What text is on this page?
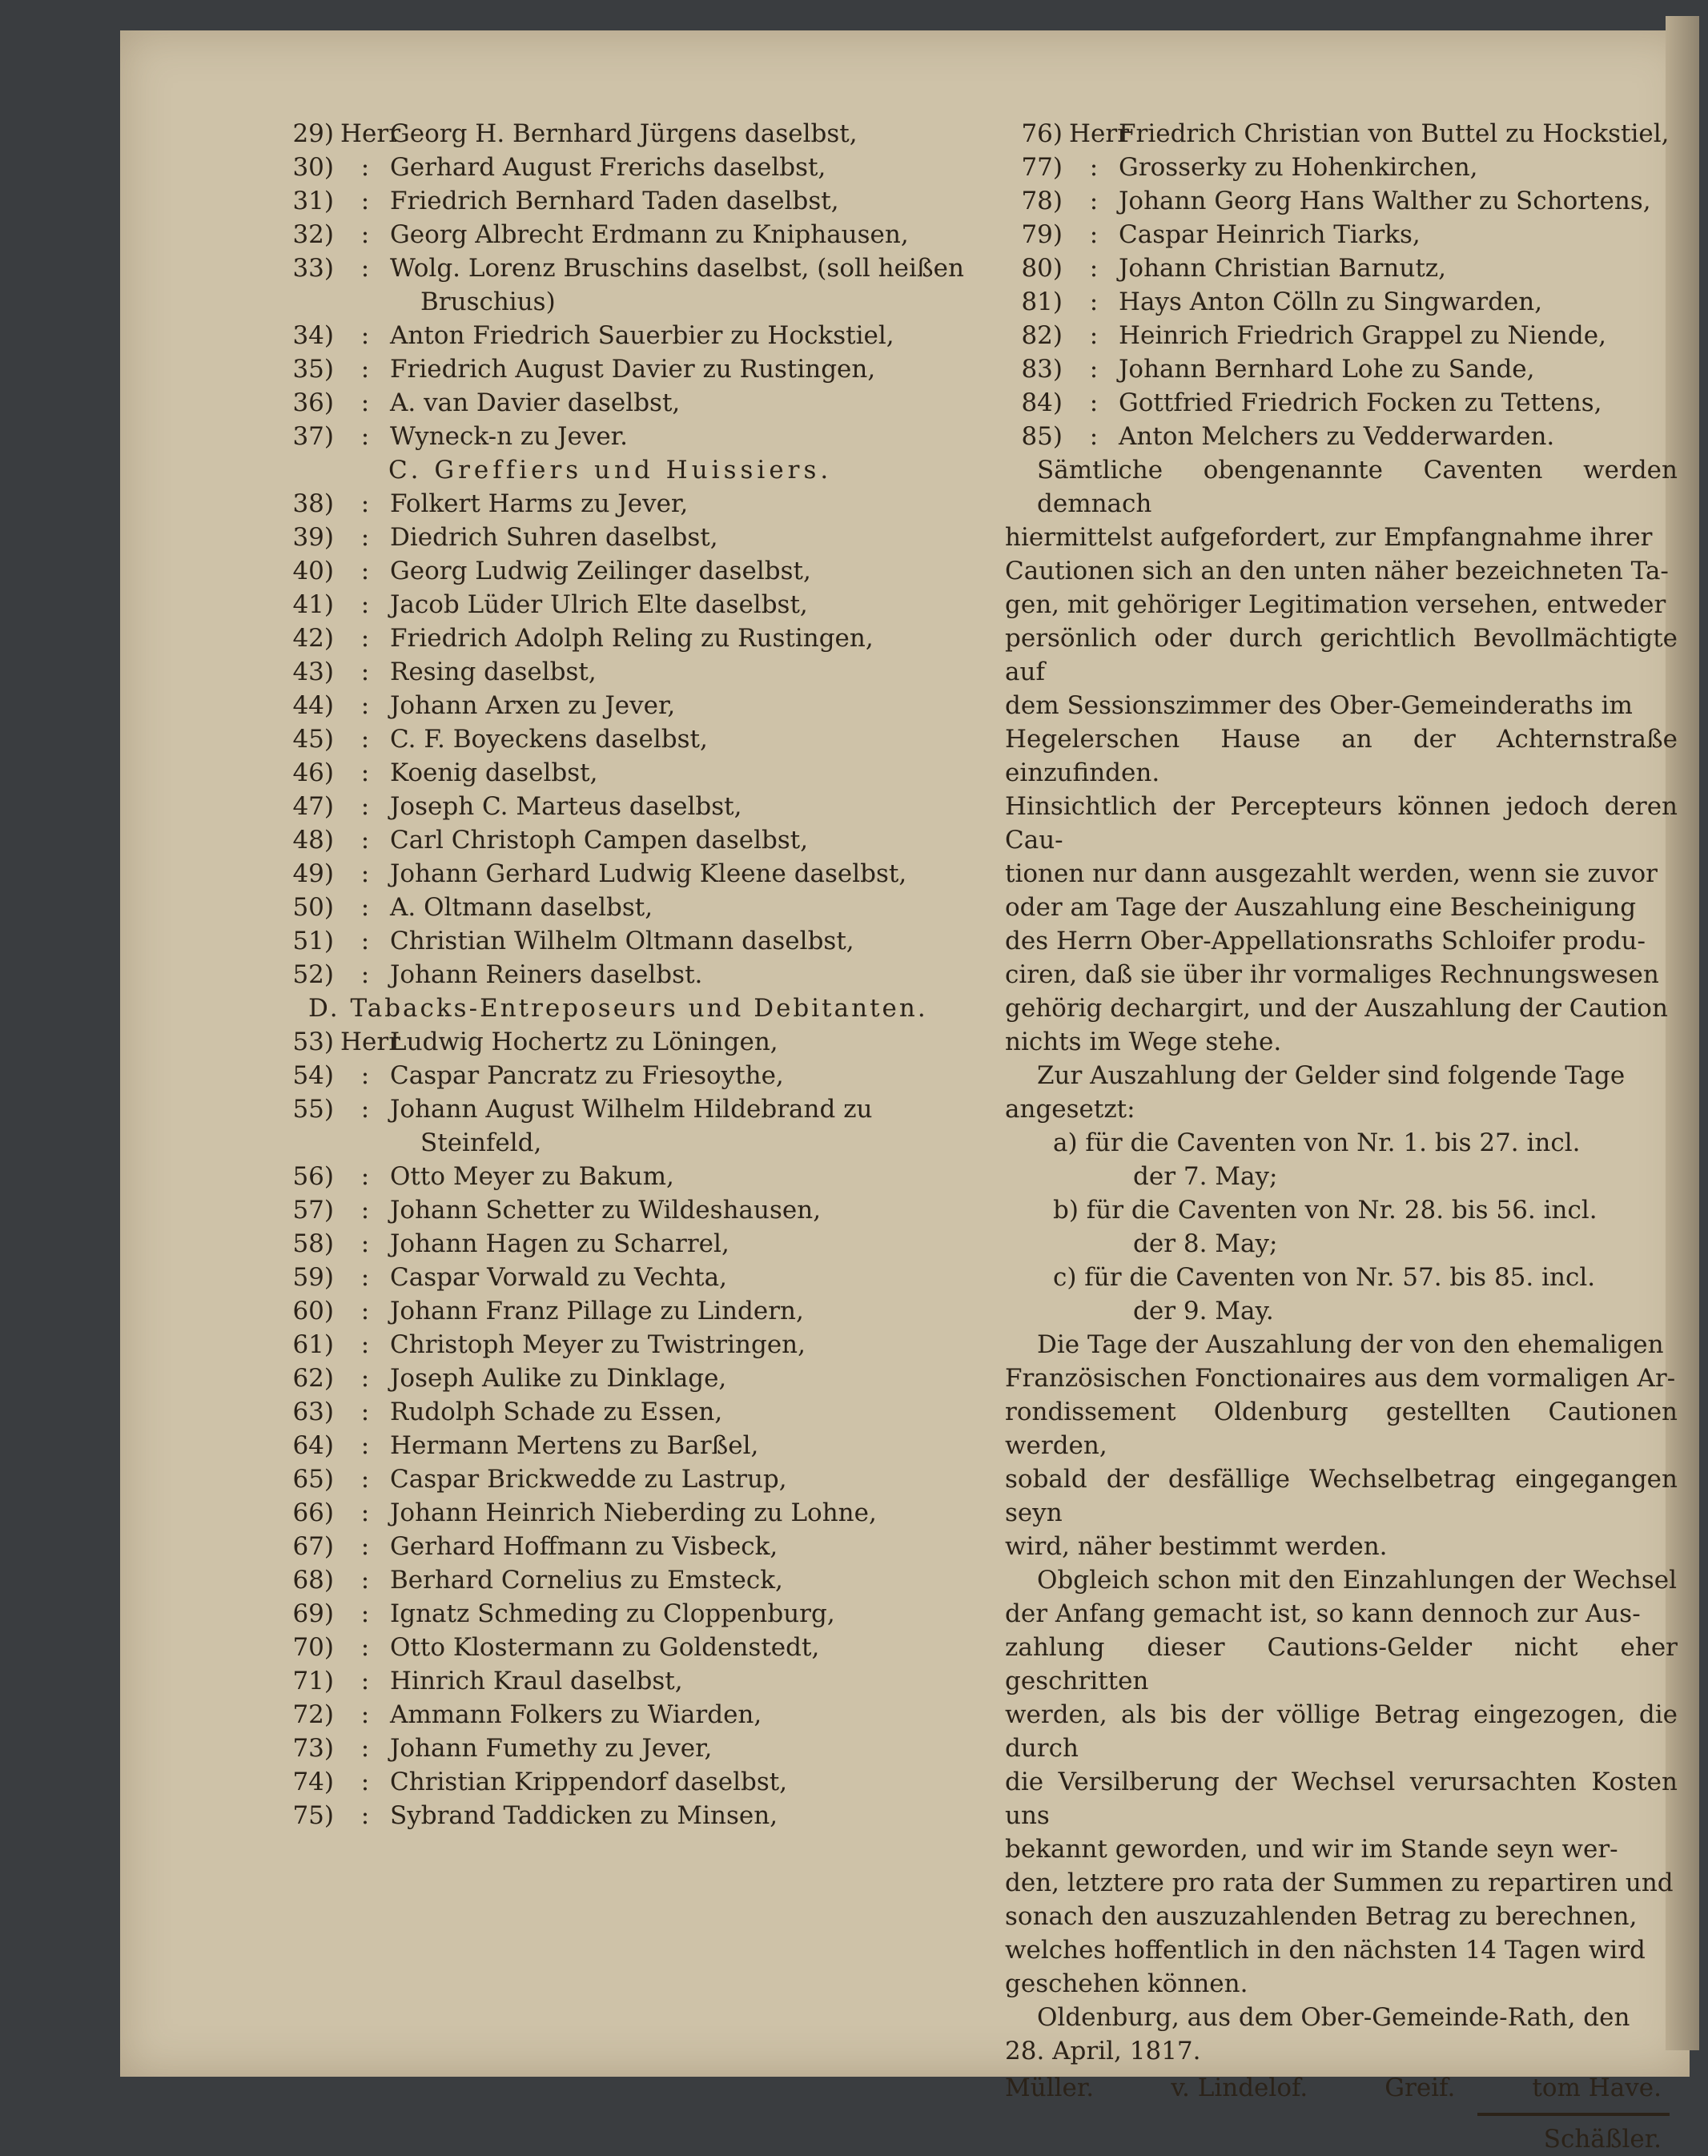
29) Herr
Georg H. Bernhard Jürgens daselbst,
30)	: Gerhard August Frerichs daselbst,
31)	: Friedrich Bernhard Taden daselbst,
32)	: Georg Albrecht Erdmann zu Kniphausen,
33)	: Wolg. Lorenz Bruschins daselbst, (soll heißen
Bruschius)
34)	: Anton Friedrich Sauerbier zu Hockstiel,
35)	: Friedrich August Davier zu Rustingen,
36)	: A. van Davier daselbst,
37)	: Wyneck-n zu Jever.
C. Greffiers und Huissiers.
38)	: Folkert Harms zu Jever,
39)	: Diedrich Suhren daselbst,
40)	: Georg Ludwig Zeilinger daselbst,
41)	: Jacob Lüder Ulrich Elte daselbst,
42)	: Friedrich Adolph Reling zu Rustingen,
43)	: Resing daselbst,
44)	: Johann Arxen zu Jever,
45)	: C. F. Boyeckens daselbst,
46)	: Koenig daselbst,
47)	: Joseph C. Marteus daselbst,
48)	: Carl Christoph Campen daselbst,
49)	: Johann Gerhard Ludwig Kleene daselbst,
50)	: A. Oltmann daselbst,
51)	: Christian Wilhelm Oltmann daselbst,
52)	: Johann Reiners daselbst.
D. Tabacks-Entreposeurs und Debitanten.
53) Herr
Ludwig Hochertz zu Löningen,
54)	: Caspar Pancratz zu Friesoythe,
55)	: Johann August Wilhelm Hildebrand zu
Steinfeld,
56)	: Otto Meyer zu Bakum,
57)	: Johann Schetter zu Wildeshausen,
58)	: Johann Hagen zu Scharrel,
59)	: Caspar Vorwald zu Vechta,
60)	: Johann Franz Pillage zu Lindern,
61)	: Christoph Meyer zu Twistringen,
62)	: Joseph Aulike zu Dinklage,
63)	: Rudolph Schade zu Essen,
64)	: Hermann Mertens zu Barßel,
65)	: Caspar Brickwedde zu Lastrup,
66)	: Johann Heinrich Nieberding zu Lohne,
67)	: Gerhard Hoffmann zu Visbeck,
68)	: Berhard Cornelius zu Emsteck,
69)	: Ignatz Schmeding zu Cloppenburg,
70)	: Otto Klostermann zu Goldenstedt,
71)	: Hinrich Kraul daselbst,
72)	: Ammann Folkers zu Wiarden,
73)	: Johann Fumethy zu Jever,
74)	: Christian Krippendorf daselbst,
75)	: Sybrand Taddicken zu Minsen,
76) Herr
Friedrich Christian von Buttel zu Hockstiel,
77)	: Grosserky zu Hohenkirchen,
78)	: Johann Georg Hans Walther zu Schortens,
79)	: Caspar Heinrich Tiarks,
80)	: Johann Christian Barnutz,
81)	: Hays Anton Cölln zu Singwarden,
82)	: Heinrich Friedrich Grappel zu Niende,
83)	: Johann Bernhard Lohe zu Sande,
84)	: Gottfried Friedrich Focken zu Tettens,
85)	: Anton Melchers zu Vedderwarden.
Sämtliche obengenannte Caventen werden demnach
hiermittelst aufgefordert, zur Empfangnahme ihrer
Cautionen sich an den unten näher bezeichneten Ta-
gen, mit gehöriger Legitimation versehen, entweder
persönlich oder durch gerichtlich Bevollmächtigte auf
dem Sessionszimmer des Ober-Gemeinderaths im
Hegelerschen Hause an der Achternstraße einzufinden.
Hinsichtlich der Percepteurs können jedoch deren Cau-
tionen nur dann ausgezahlt werden, wenn sie zuvor
oder am Tage der Auszahlung eine Bescheinigung
des Herrn Ober-Appellationsraths Schloifer produ-
ciren, daß sie über ihr vormaliges Rechnungswesen
gehörig dechargirt, und der Auszahlung der Caution
nichts im Wege stehe.
Zur Auszahlung der Gelder sind folgende Tage
angesetzt:
a) für die Caventen von Nr. 1. bis 27. incl.
der 7. May;
b) für die Caventen von Nr. 28. bis 56. incl.
der 8. May;
c) für die Caventen von Nr. 57. bis 85. incl.
der 9. May.
Die Tage der Auszahlung der von den ehemaligen
Französischen Fonctionaires aus dem vormaligen Ar-
rondissement Oldenburg gestellten Cautionen werden,
sobald der desfällige Wechselbetrag eingegangen seyn
wird, näher bestimmt werden.
Obgleich schon mit den Einzahlungen der Wechsel
der Anfang gemacht ist, so kann dennoch zur Aus-
zahlung dieser Cautions-Gelder nicht eher geschritten
werden, als bis der völlige Betrag eingezogen, die durch
die Versilberung der Wechsel verursachten Kosten uns
bekannt geworden, und wir im Stande seyn wer-
den, letztere pro rata der Summen zu repartiren und
sonach den auszuzahlenden Betrag zu berechnen,
welches hoffentlich in den nächsten 14 Tagen wird
geschehen können.
Oldenburg, aus dem Ober-Gemeinde-Rath, den
28. April, 1817.
Müller.	v. Lindelof.	Greif.	tom Have.
Schäßler.
